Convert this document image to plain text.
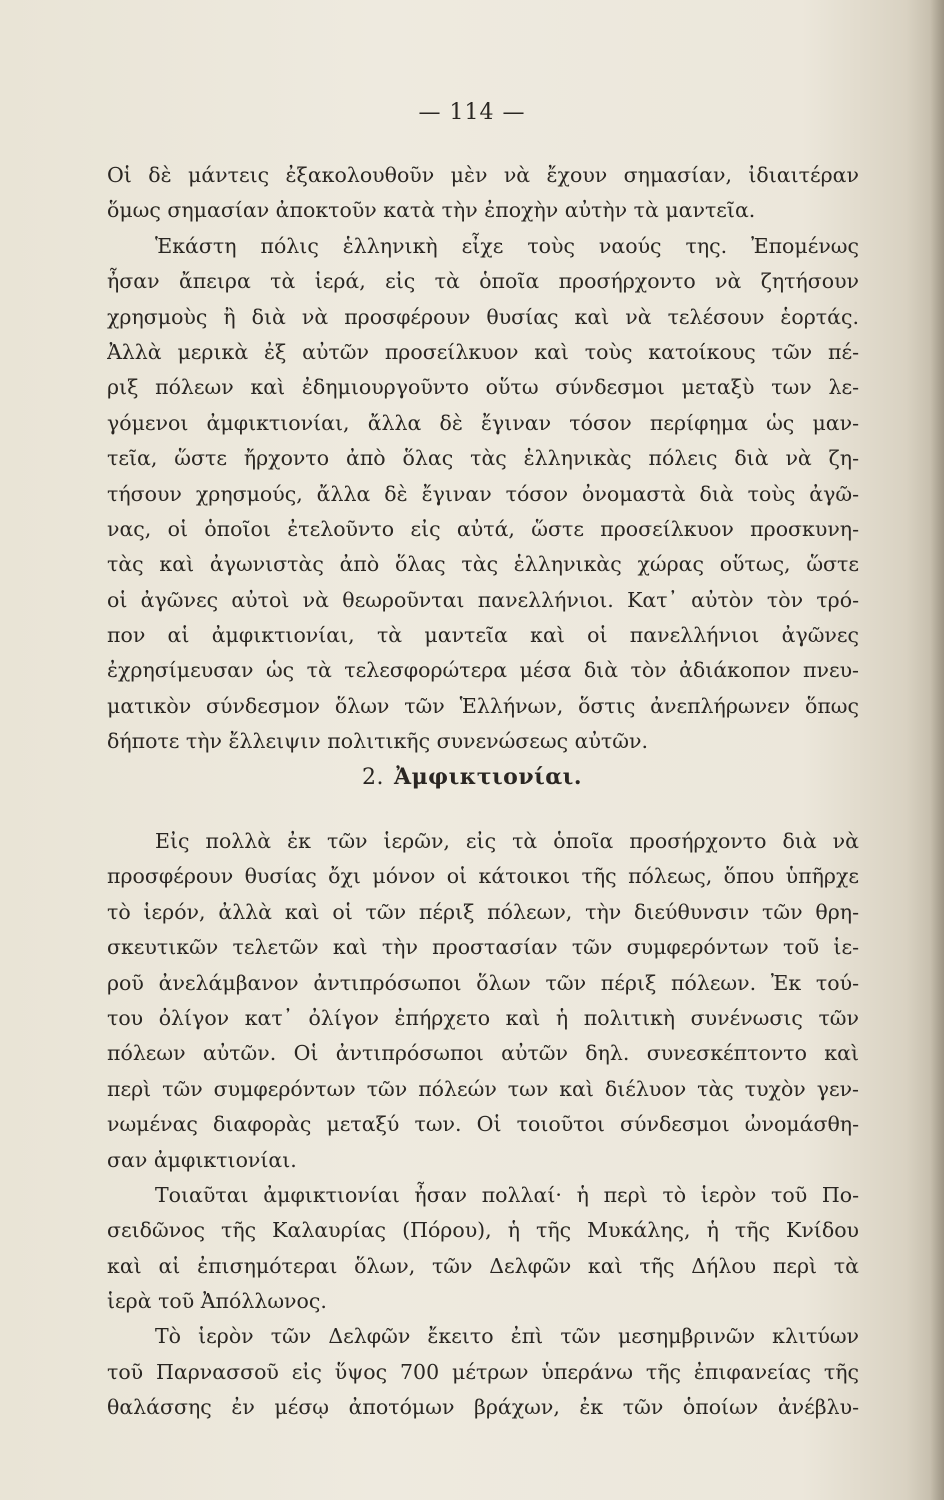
— 114 —
Οἱ δὲ μάντεις ἐξακολουθοῦν μὲν νὰ ἔχουν σημασίαν, ἰδιαιτέραν
ὅμως σημασίαν ἀποκτοῦν κατὰ τὴν ἐποχὴν αὐτὴν τὰ μαντεῖα.
Ἑκάστη πόλις ἑλληνικὴ εἶχε τοὺς ναούς της. Ἐπομένως
ἦσαν ἄπειρα τὰ ἱερά, εἰς τὰ ὁποῖα προσήρχοντο νὰ ζητήσουν
χρησμοὺς ἢ διὰ νὰ προσφέρουν θυσίας καὶ νὰ τελέσουν ἑορτάς.
Ἀλλὰ μερικὰ ἐξ αὐτῶν προσείλκυον καὶ τοὺς κατοίκους τῶν πέ-
ριξ πόλεων καὶ ἐδημιουργοῦντο οὕτω σύνδεσμοι μεταξὺ των λε-
γόμενοι ἀμφικτιονίαι, ἄλλα δὲ ἔγιναν τόσον περίφημα ὡς μαν-
τεῖα, ὥστε ἤρχοντο ἀπὸ ὅλας τὰς ἑλληνικὰς πόλεις διὰ νὰ ζη-
τήσουν χρησμούς, ἄλλα δὲ ἔγιναν τόσον ὀνομαστὰ διὰ τοὺς ἀγῶ-
νας, οἱ ὁποῖοι ἐτελοῦντο εἰς αὐτά, ὥστε προσείλκυον προσκυνη-
τὰς καὶ ἀγωνιστὰς ἀπὸ ὅλας τὰς ἑλληνικὰς χώρας οὕτως, ὥστε
οἱ ἀγῶνες αὐτοὶ νὰ θεωροῦνται πανελλήνιοι. Κατ᾿ αὐτὸν τὸν τρό-
πον αἱ ἀμφικτιονίαι, τὰ μαντεῖα καὶ οἱ πανελλήνιοι ἀγῶνες
ἐχρησίμευσαν ὡς τὰ τελεσφορώτερα μέσα διὰ τὸν ἀδιάκοπον πνευ-
ματικὸν σύνδεσμον ὅλων τῶν Ἑλλήνων, ὅστις ἀνεπλήρωνεν ὅπως
δήποτε τὴν ἔλλειψιν πολιτικῆς συνενώσεως αὐτῶν.
2. Ἀμφικτιονίαι.
Εἰς πολλὰ ἐκ τῶν ἱερῶν, εἰς τὰ ὁποῖα προσήρχοντο διὰ νὰ
προσφέρουν θυσίας ὄχι μόνον οἱ κάτοικοι τῆς πόλεως, ὅπου ὑπῆρχε
τὸ ἱερόν, ἀλλὰ καὶ οἱ τῶν πέριξ πόλεων, τὴν διεύθυνσιν τῶν θρη-
σκευτικῶν τελετῶν καὶ τὴν προστασίαν τῶν συμφερόντων τοῦ ἱε-
ροῦ ἀνελάμβανον ἀντιπρόσωποι ὅλων τῶν πέριξ πόλεων. Ἐκ τού-
του ὀλίγον κατ᾿ ὀλίγον ἐπήρχετο καὶ ἡ πολιτικὴ συνένωσις τῶν
πόλεων αὐτῶν. Οἱ ἀντιπρόσωποι αὐτῶν δηλ. συνεσκέπτοντο καὶ
περὶ τῶν συμφερόντων τῶν πόλεών των καὶ διέλυον τὰς τυχὸν γεν-
νωμένας διαφορὰς μεταξύ των. Οἱ τοιοῦτοι σύνδεσμοι ὠνομάσθη-
σαν ἀμφικτιονίαι.
Τοιαῦται ἀμφικτιονίαι ἦσαν πολλαί· ἡ περὶ τὸ ἱερὸν τοῦ Πο-
σειδῶνος τῆς Καλαυρίας (Πόρου), ἡ τῆς Μυκάλης, ἡ τῆς Κνίδου
καὶ αἱ ἐπισημότεραι ὅλων, τῶν Δελφῶν καὶ τῆς Δήλου περὶ τὰ
ἱερὰ τοῦ Ἀπόλλωνος.
Τὸ ἱερὸν τῶν Δελφῶν ἔκειτο ἐπὶ τῶν μεσημβρινῶν κλιτύων
τοῦ Παρνασσοῦ εἰς ὕψος 700 μέτρων ὑπεράνω τῆς ἐπιφανείας τῆς
θαλάσσης ἐν μέσῳ ἀποτόμων βράχων, ἐκ τῶν ὁποίων ἀνέβλυ-
